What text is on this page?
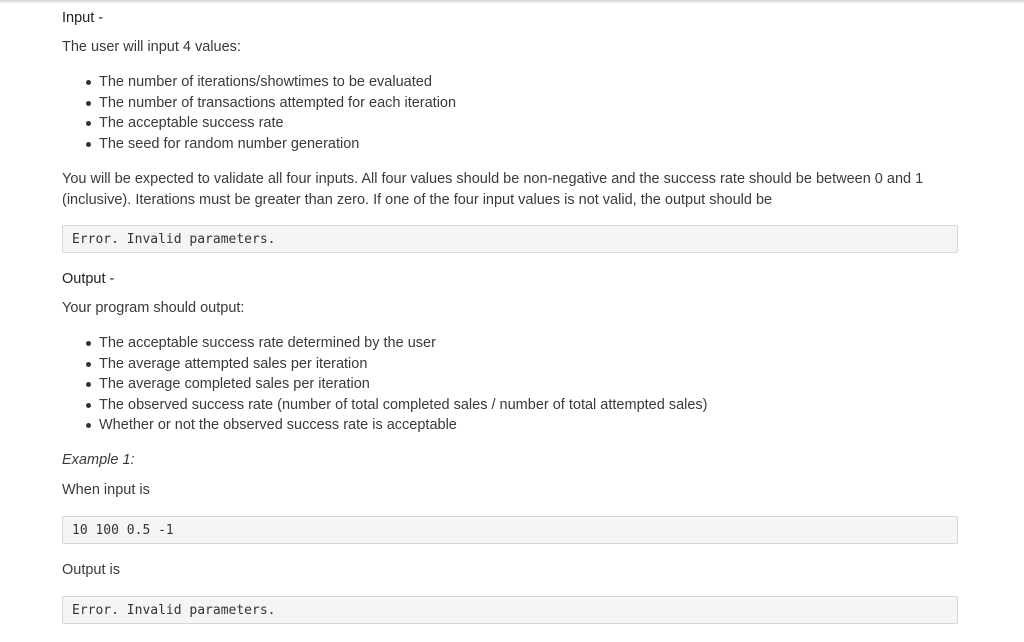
Input -
The user will input 4 values:
The number of iterations/showtimes to be evaluated
The number of transactions attempted for each iteration
The acceptable success rate
The seed for random number generation
You will be expected to validate all four inputs. All four values should be non-negative and the success rate should be between 0 and 1
(inclusive). Iterations must be greater than zero. If one of the four input values is not valid, the output should be
Error. Invalid parameters.
Output -
Your program should output:
The acceptable success rate determined by the user
The average attempted sales per iteration
The average completed sales per iteration
The observed success rate (number of total completed sales / number of total attempted sales)
Whether or not the observed success rate is acceptable
Example 1:
When input is
10 100 0.5 -1
Output is
Error. Invalid parameters.
